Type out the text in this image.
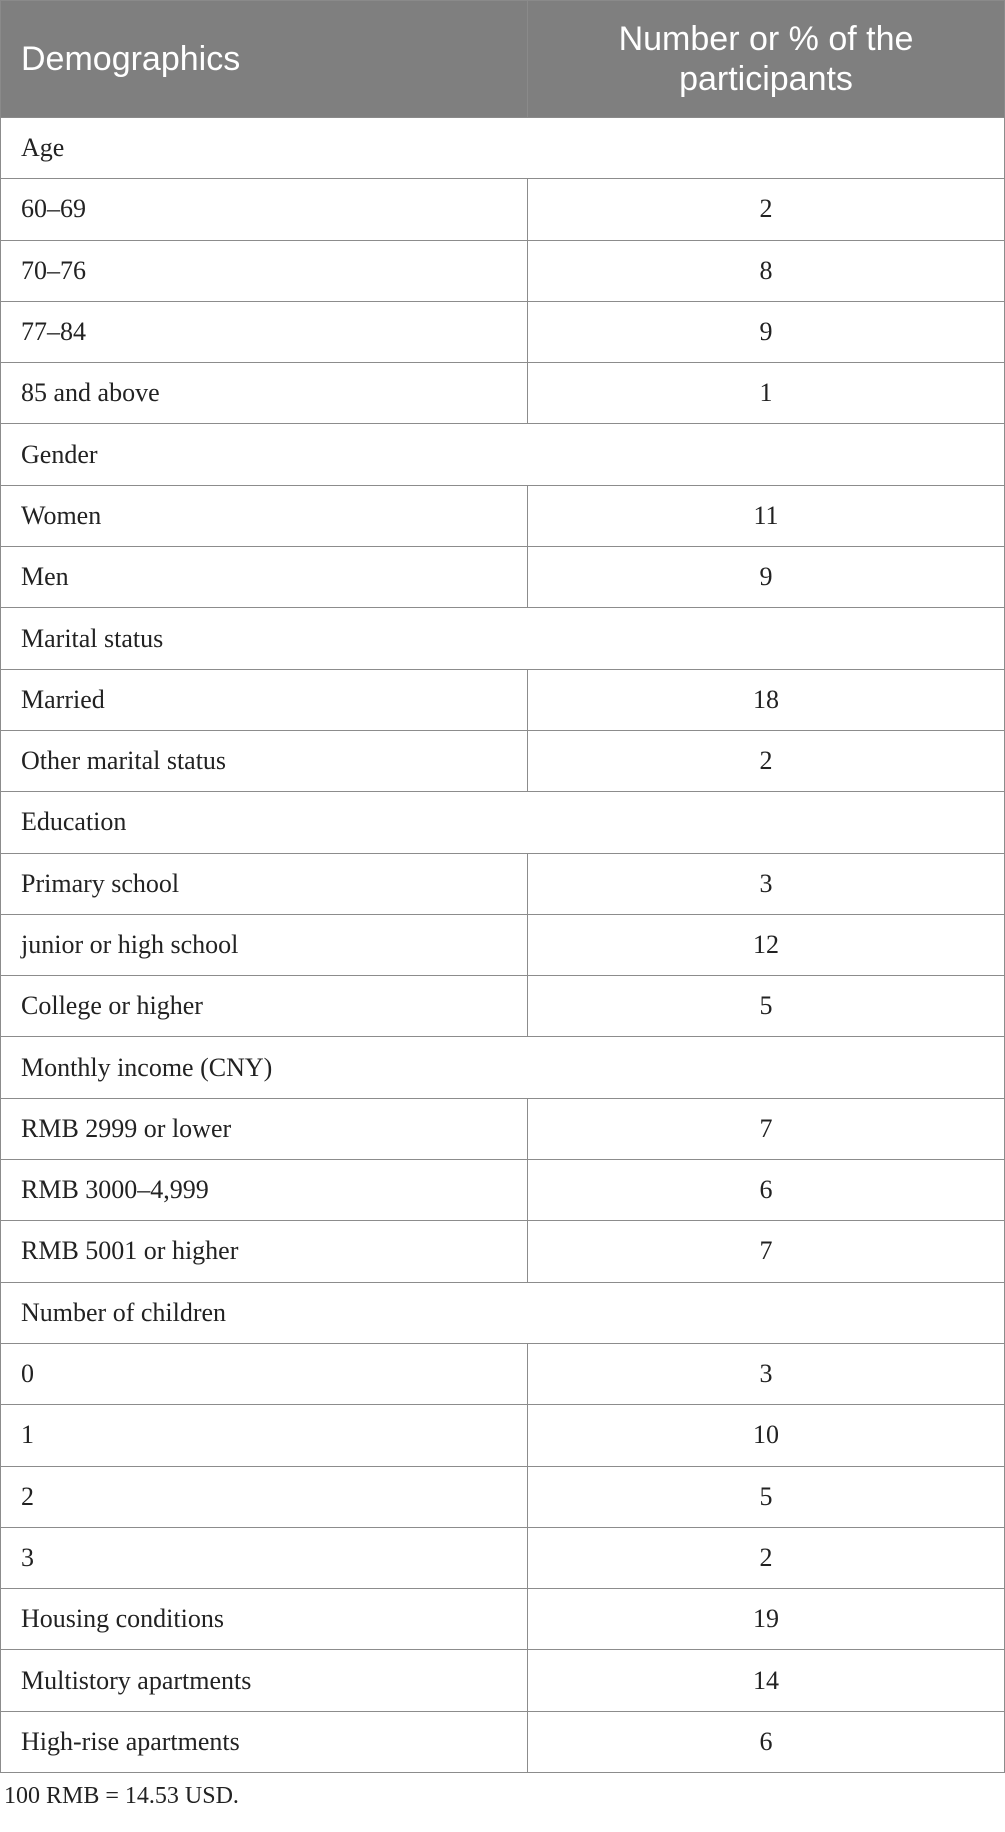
Demographics	Number or % of the
participants
Age	
60–69	2
70–76	8
77–84	9
85 and above	1
Gender	
Women	11
Men	9
Marital status	
Married	18
Other marital status	2
Education	
Primary school	3
junior or high school	12
College or higher	5
Monthly income (CNY)	
RMB 2999 or lower	7
RMB 3000–4,999	6
RMB 5001 or higher	7
Number of children	
0	3
1	10
2	5
3	2
Housing conditions	19
Multistory apartments	14
High-rise apartments	6
100 RMB = 14.53 USD.
